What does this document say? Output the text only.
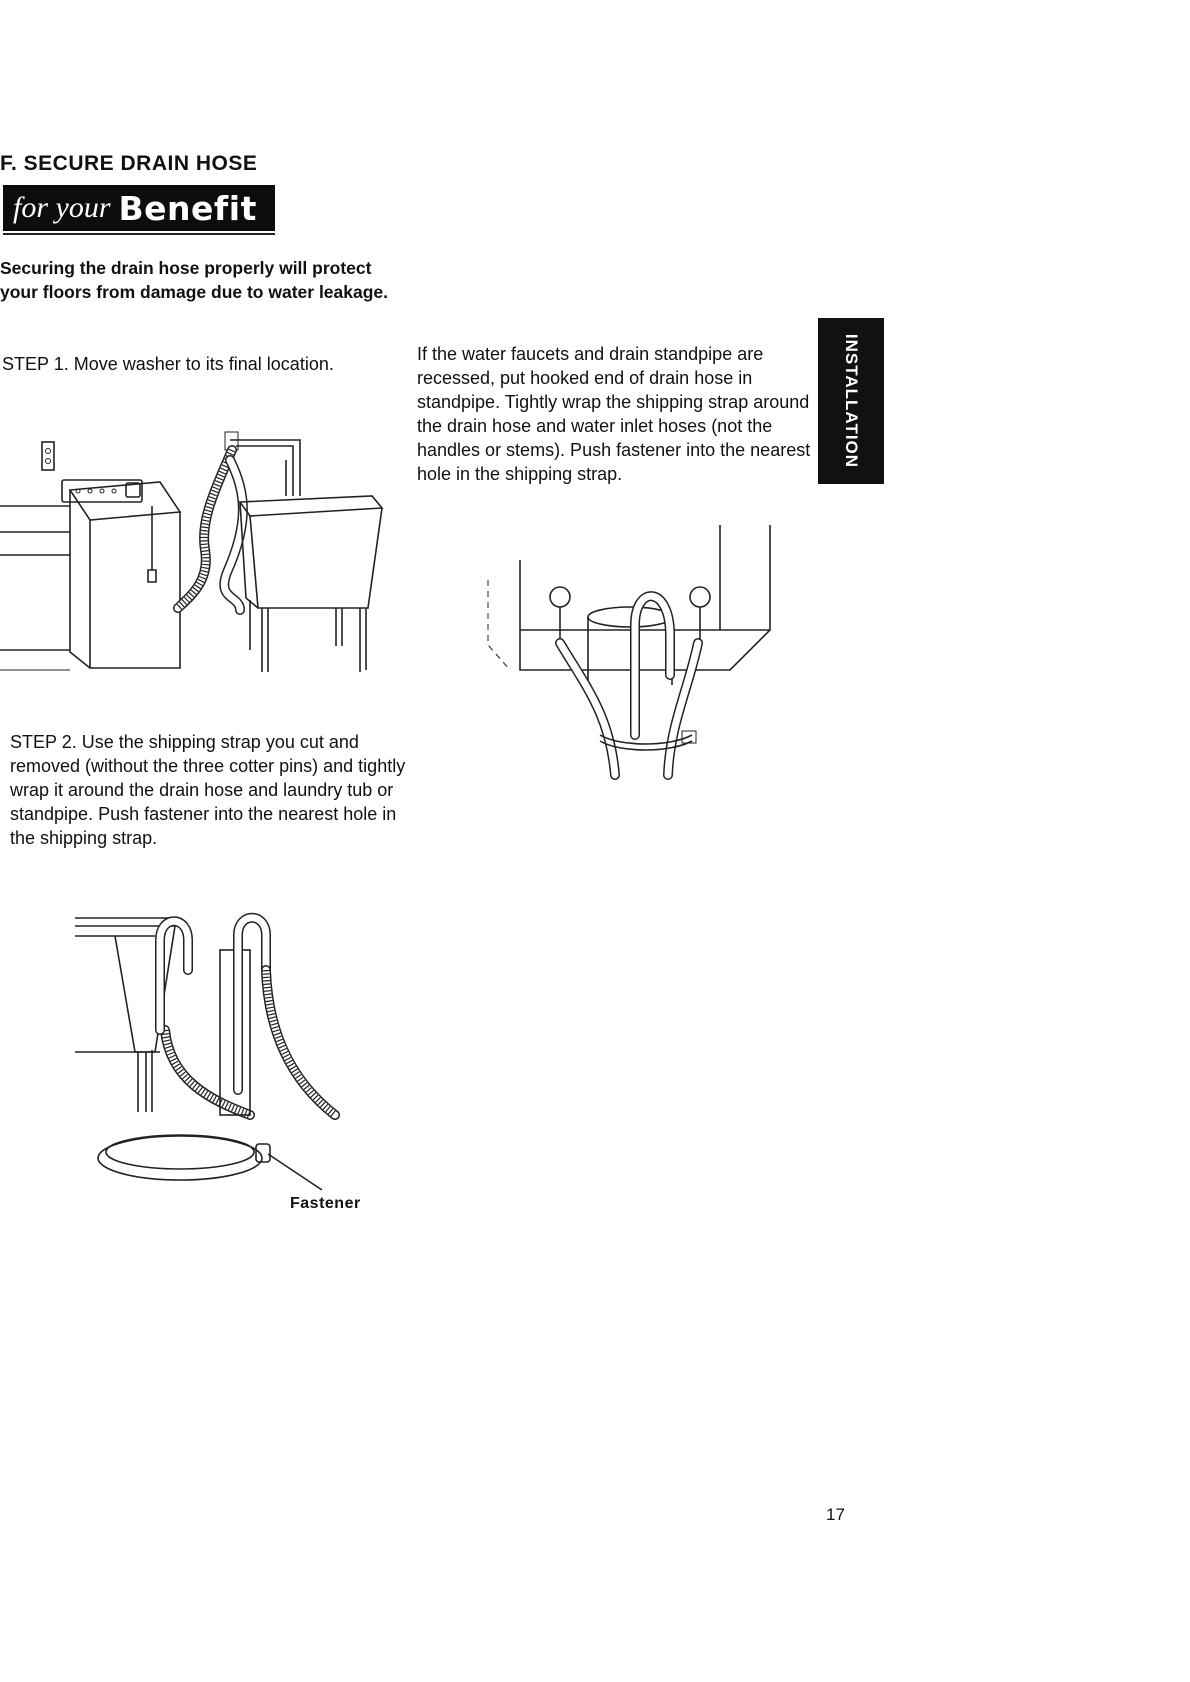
F. SECURE DRAIN HOSE
for your Benefit
Securing the drain hose properly will protect your floors from damage due to water leakage.
STEP 1. Move washer to its final location.	If the water faucets and drain standpipe are recessed, put hooked end of drain hose in standpipe. Tightly wrap the shipping strap around the drain hose and water inlet hoses (not the handles or stems). Push fastener into the nearest hole in the shipping strap.
INSTALLATION
STEP 2. Use the shipping strap you cut and removed (without the three cotter pins) and tightly wrap it around the drain hose and laundry tub or standpipe. Push fastener into the nearest hole in the shipping strap.
Fastener
17
